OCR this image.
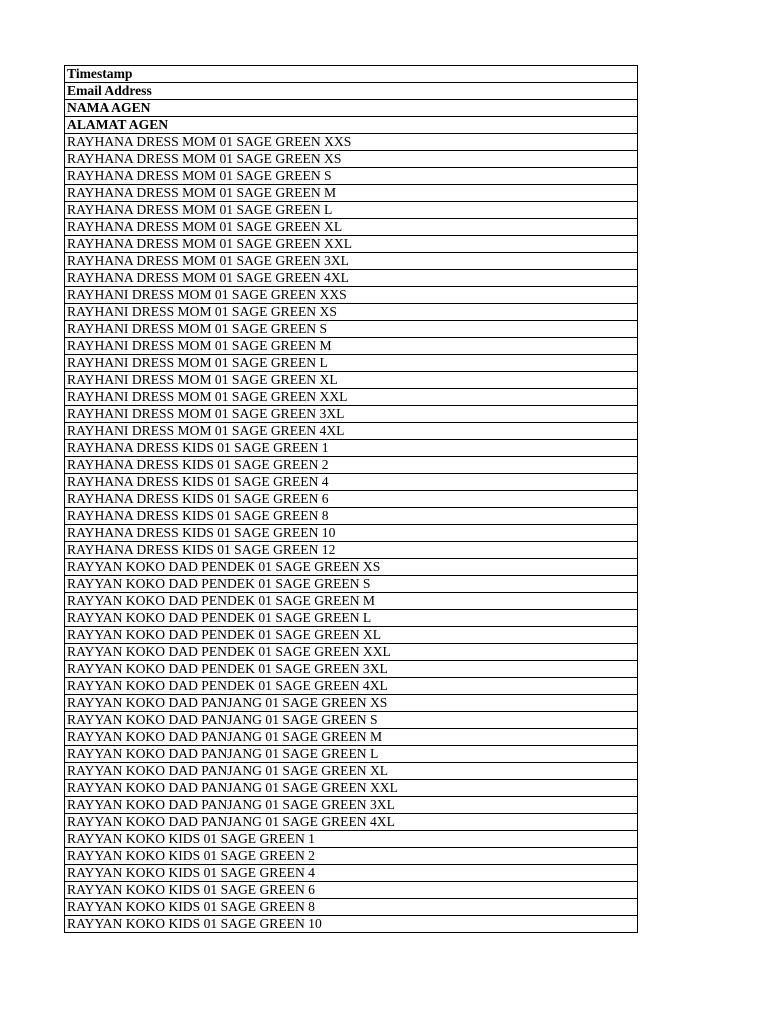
Timestamp
Email Address
NAMA AGEN
ALAMAT AGEN
RAYHANA DRESS MOM 01 SAGE GREEN XXS
RAYHANA DRESS MOM 01 SAGE GREEN XS
RAYHANA DRESS MOM 01 SAGE GREEN S
RAYHANA DRESS MOM 01 SAGE GREEN M
RAYHANA DRESS MOM 01 SAGE GREEN L
RAYHANA DRESS MOM 01 SAGE GREEN XL
RAYHANA DRESS MOM 01 SAGE GREEN XXL
RAYHANA DRESS MOM 01 SAGE GREEN 3XL
RAYHANA DRESS MOM 01 SAGE GREEN 4XL
RAYHANI DRESS MOM 01 SAGE GREEN XXS
RAYHANI DRESS MOM 01 SAGE GREEN XS
RAYHANI DRESS MOM 01 SAGE GREEN S
RAYHANI DRESS MOM 01 SAGE GREEN M
RAYHANI DRESS MOM 01 SAGE GREEN L
RAYHANI DRESS MOM 01 SAGE GREEN XL
RAYHANI DRESS MOM 01 SAGE GREEN XXL
RAYHANI DRESS MOM 01 SAGE GREEN 3XL
RAYHANI DRESS MOM 01 SAGE GREEN 4XL
RAYHANA DRESS KIDS 01 SAGE GREEN 1
RAYHANA DRESS KIDS 01 SAGE GREEN 2
RAYHANA DRESS KIDS 01 SAGE GREEN 4
RAYHANA DRESS KIDS 01 SAGE GREEN 6
RAYHANA DRESS KIDS 01 SAGE GREEN 8
RAYHANA DRESS KIDS 01 SAGE GREEN 10
RAYHANA DRESS KIDS 01 SAGE GREEN 12
RAYYAN KOKO DAD PENDEK 01 SAGE GREEN XS
RAYYAN KOKO DAD PENDEK 01 SAGE GREEN S
RAYYAN KOKO DAD PENDEK 01 SAGE GREEN M
RAYYAN KOKO DAD PENDEK 01 SAGE GREEN L
RAYYAN KOKO DAD PENDEK 01 SAGE GREEN XL
RAYYAN KOKO DAD PENDEK 01 SAGE GREEN XXL
RAYYAN KOKO DAD PENDEK 01 SAGE GREEN 3XL
RAYYAN KOKO DAD PENDEK 01 SAGE GREEN 4XL
RAYYAN KOKO DAD PANJANG 01 SAGE GREEN XS
RAYYAN KOKO DAD PANJANG 01 SAGE GREEN S
RAYYAN KOKO DAD PANJANG 01 SAGE GREEN M
RAYYAN KOKO DAD PANJANG 01 SAGE GREEN L
RAYYAN KOKO DAD PANJANG 01 SAGE GREEN XL
RAYYAN KOKO DAD PANJANG 01 SAGE GREEN XXL
RAYYAN KOKO DAD PANJANG 01 SAGE GREEN 3XL
RAYYAN KOKO DAD PANJANG 01 SAGE GREEN 4XL
RAYYAN KOKO KIDS 01 SAGE GREEN 1
RAYYAN KOKO KIDS 01 SAGE GREEN 2
RAYYAN KOKO KIDS 01 SAGE GREEN 4
RAYYAN KOKO KIDS 01 SAGE GREEN 6
RAYYAN KOKO KIDS 01 SAGE GREEN 8
RAYYAN KOKO KIDS 01 SAGE GREEN 10
